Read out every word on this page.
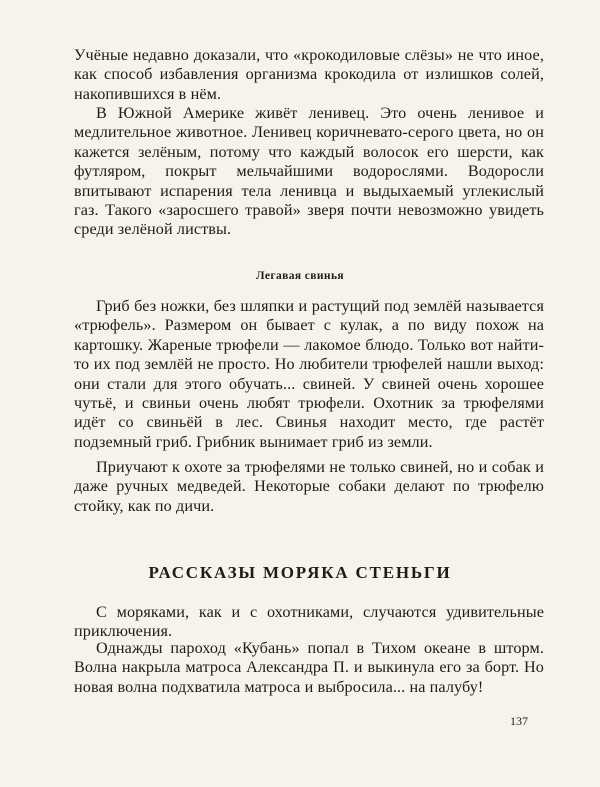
Учёные недавно доказали, что «крокодиловые слёзы» не что иное, как способ избавления организма крокодила от излишков солей, накопившихся в нём.

В Южной Америке живёт ленивец. Это очень ленивое и медлительное животное. Ленивец коричневато-серого цвета, но он кажется зелёным, потому что каждый волосок его шерсти, как футляром, покрыт мельчайшими водорослями. Водоросли впитывают испарения тела ленивца и выдыхаемый углекислый газ. Такого «заросшего травой» зверя почти невозможно увидеть среди зелёной листвы.

Легавая свинья

Гриб без ножки, без шляпки и растущий под землёй называется «трюфель». Размером он бывает с кулак, а по виду похож на картошку. Жареные трюфели — лакомое блюдо. Только вот найти-то их под землёй не просто. Но любители трюфелей нашли выход: они стали для этого обучать... свиней. У свиней очень хорошее чутьё, и свиньи очень любят трюфели. Охотник за трюфелями идёт со свиньёй в лес. Свинья находит место, где растёт подземный гриб. Грибник вынимает гриб из земли.

Приучают к охоте за трюфелями не только свиней, но и собак и даже ручных медведей. Некоторые собаки делают по трюфелю стойку, как по дичи.

РАССКАЗЫ МОРЯКА СТЕНЬГИ

С моряками, как и с охотниками, случаются удивительные приключения.

Однажды пароход «Кубань» попал в Тихом океане в шторм. Волна накрыла матроса Александра П. и выкинула его за борт. Но новая волна подхватила матроса и выбросила... на палубу!

137
